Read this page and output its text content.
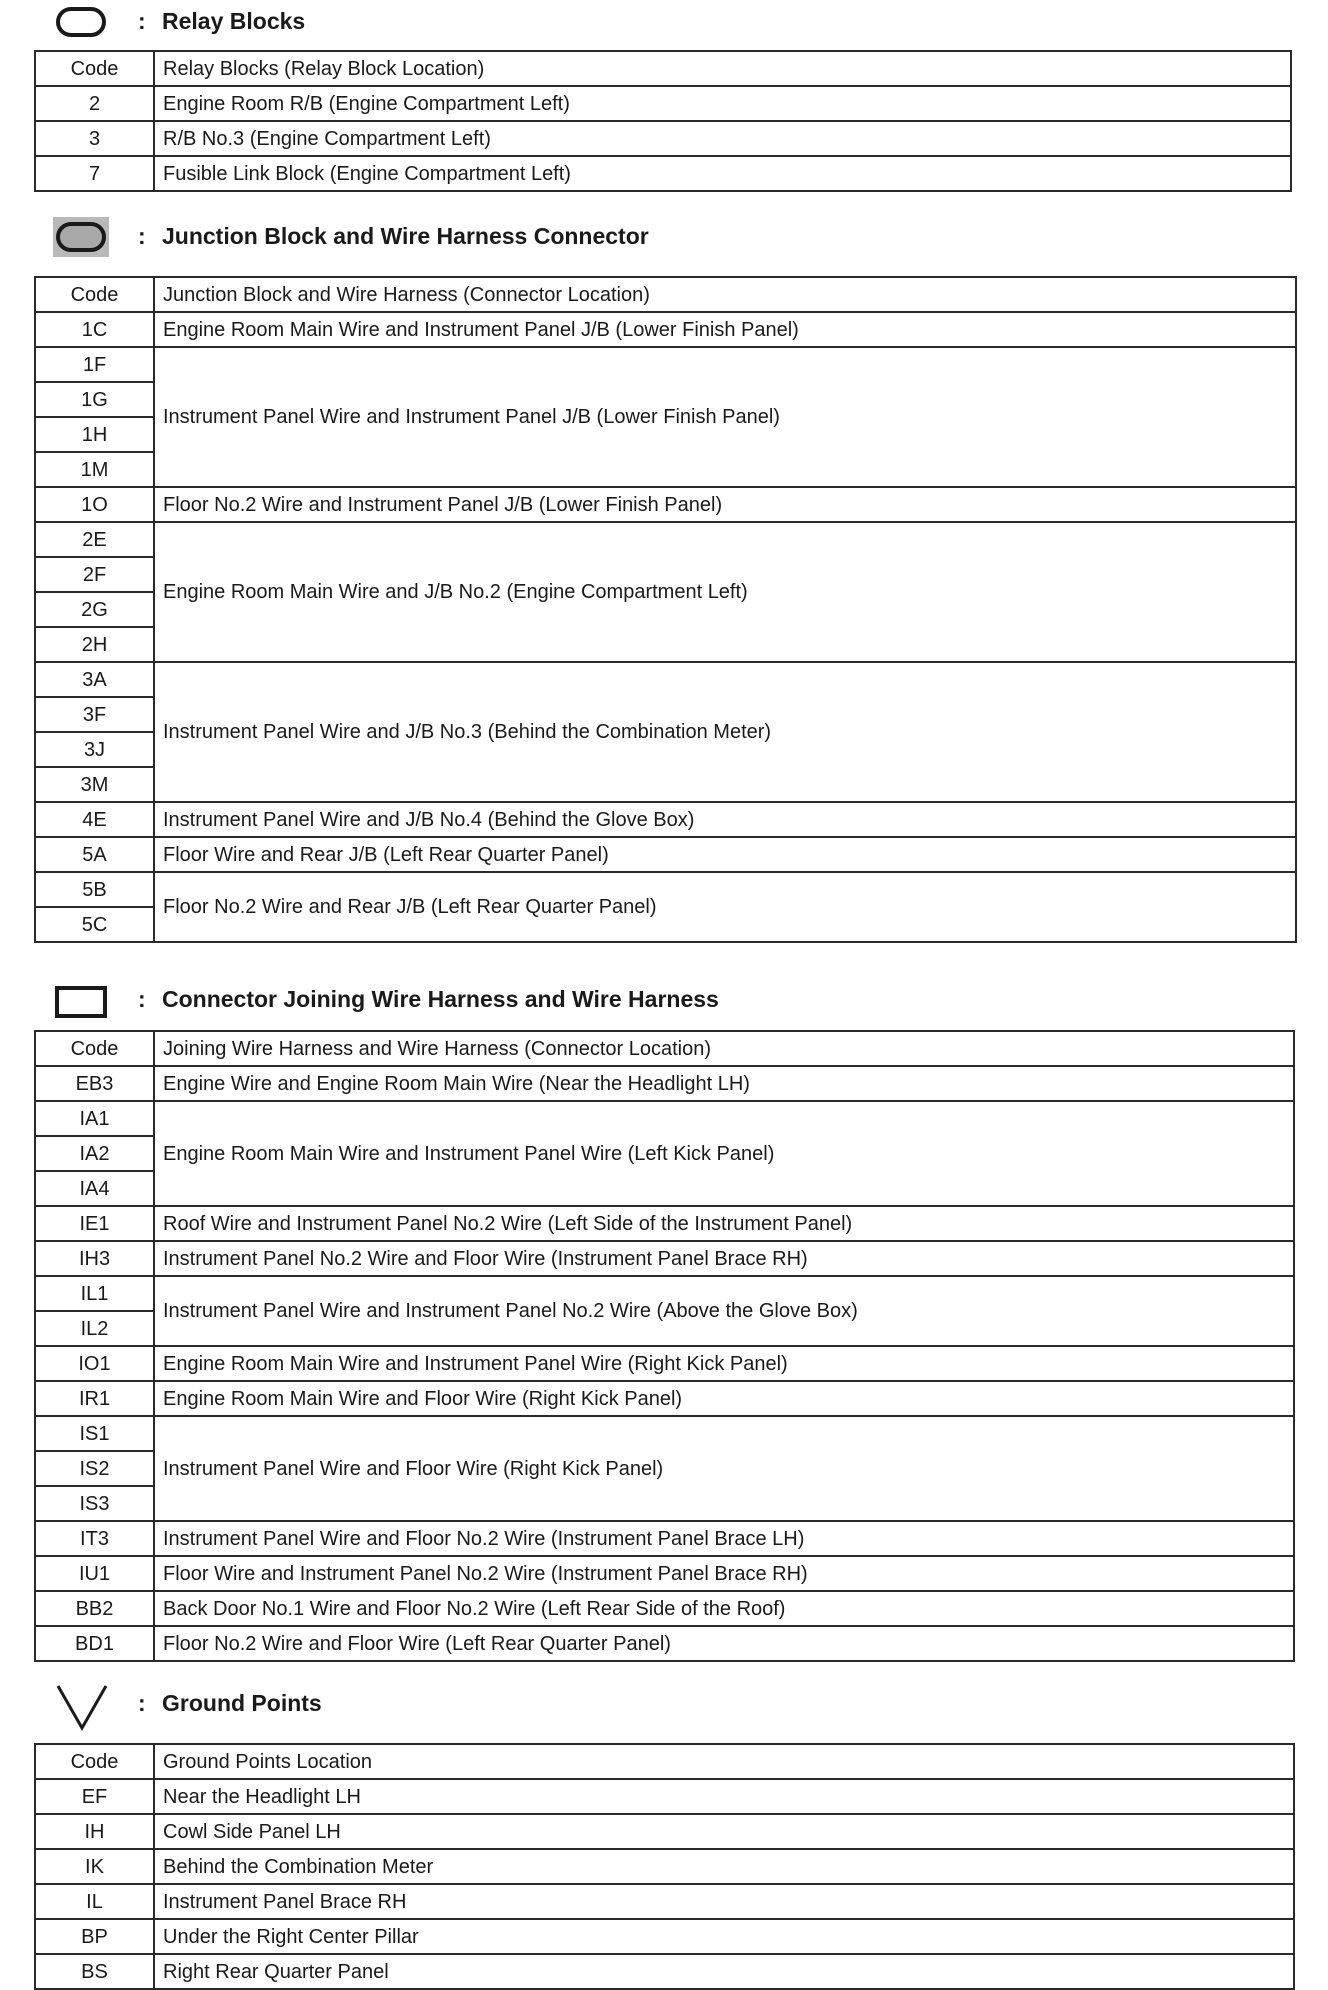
: Relay Blocks
Code	Relay Blocks (Relay Block Location)
2	Engine Room R/B (Engine Compartment Left)
3	R/B No.3 (Engine Compartment Left)
7	Fusible Link Block (Engine Compartment Left)
: Junction Block and Wire Harness Connector
Code	Junction Block and Wire Harness (Connector Location)
1C	Engine Room Main Wire and Instrument Panel J/B (Lower Finish Panel)
1F	Instrument Panel Wire and Instrument Panel J/B (Lower Finish Panel)
1G	
1H	
1M	
1O	Floor No.2 Wire and Instrument Panel J/B (Lower Finish Panel)
2E	Engine Room Main Wire and J/B No.2 (Engine Compartment Left)
2F	
2G	
2H	
3A	Instrument Panel Wire and J/B No.3 (Behind the Combination Meter)
3F	
3J	
3M	
4E	Instrument Panel Wire and J/B No.4 (Behind the Glove Box)
5A	Floor Wire and Rear J/B (Left Rear Quarter Panel)
5B	Floor No.2 Wire and Rear J/B (Left Rear Quarter Panel)
5C	
: Connector Joining Wire Harness and Wire Harness
Code	Joining Wire Harness and Wire Harness (Connector Location)
EB3	Engine Wire and Engine Room Main Wire (Near the Headlight LH)
IA1	Engine Room Main Wire and Instrument Panel Wire (Left Kick Panel)
IA2	
IA4	
IE1	Roof Wire and Instrument Panel No.2 Wire (Left Side of the Instrument Panel)
IH3	Instrument Panel No.2 Wire and Floor Wire (Instrument Panel Brace RH)
IL1	Instrument Panel Wire and Instrument Panel No.2 Wire (Above the Glove Box)
IL2	
IO1	Engine Room Main Wire and Instrument Panel Wire (Right Kick Panel)
IR1	Engine Room Main Wire and Floor Wire (Right Kick Panel)
IS1	Instrument Panel Wire and Floor Wire (Right Kick Panel)
IS2	
IS3	
IT3	Instrument Panel Wire and Floor No.2 Wire (Instrument Panel Brace LH)
IU1	Floor Wire and Instrument Panel No.2 Wire (Instrument Panel Brace RH)
BB2	Back Door No.1 Wire and Floor No.2 Wire (Left Rear Side of the Roof)
BD1	Floor No.2 Wire and Floor Wire (Left Rear Quarter Panel)
: Ground Points
Code	Ground Points Location
EF	Near the Headlight LH
IH	Cowl Side Panel LH
IK	Behind the Combination Meter
IL	Instrument Panel Brace RH
BP	Under the Right Center Pillar
BS	Right Rear Quarter Panel
